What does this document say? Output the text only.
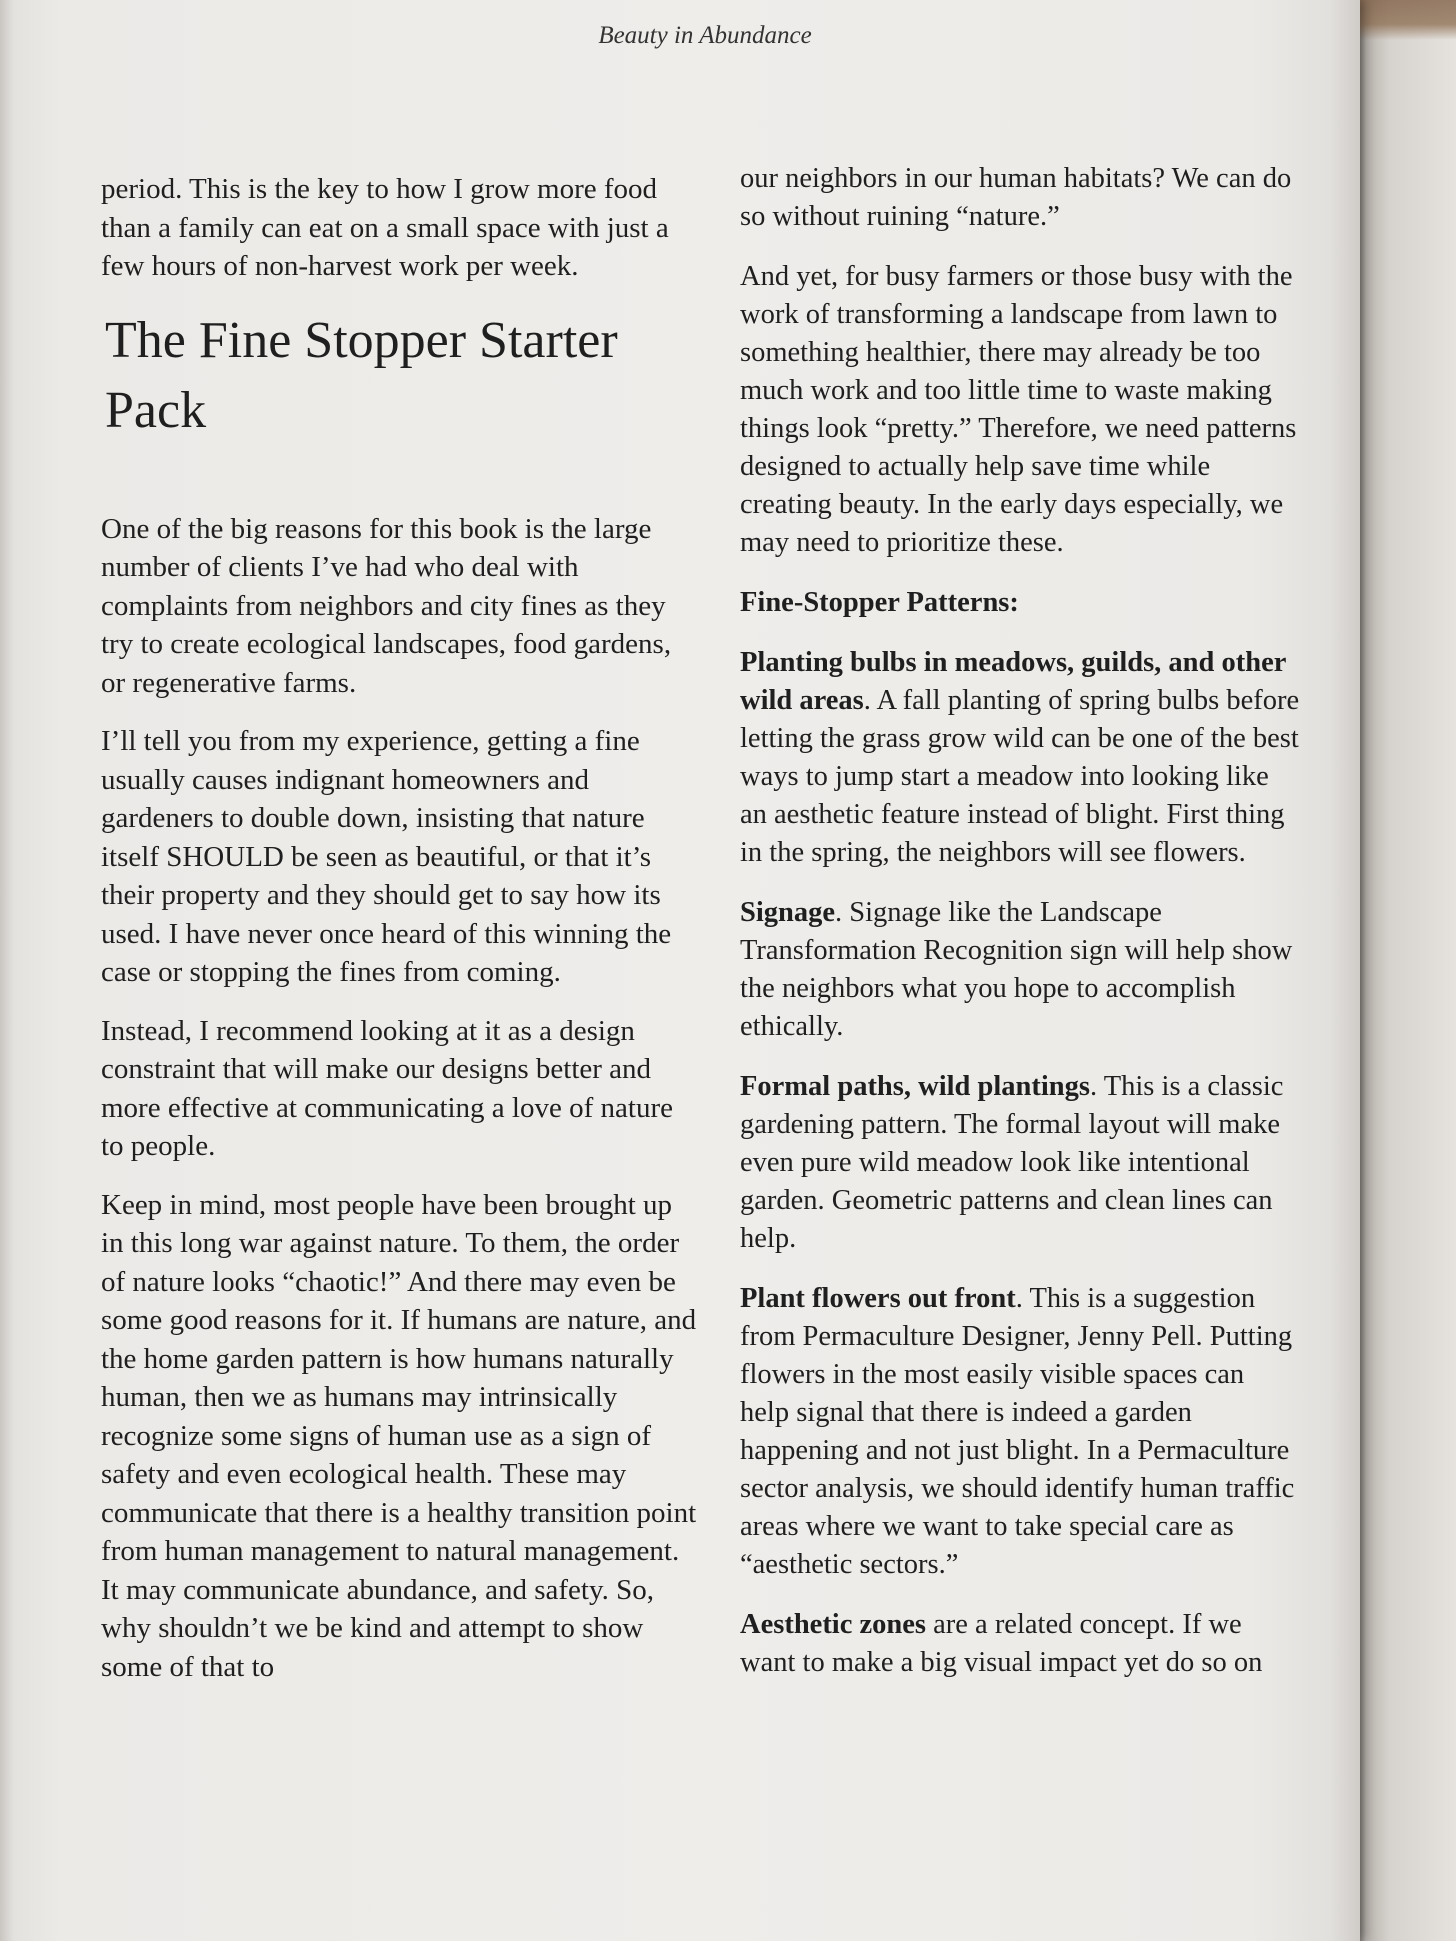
Beauty in Abundance

period. This is the key to how I grow more food than a family can eat on a small space with just a few hours of non-harvest work per week.

The Fine Stopper Starter Pack

One of the big reasons for this book is the large number of clients I’ve had who deal with complaints from neighbors and city fines as they try to create ecological landscapes, food gardens, or regenerative farms.

I’ll tell you from my experience, getting a fine usually causes indignant homeowners and gardeners to double down, insisting that nature itself SHOULD be seen as beautiful, or that it’s their property and they should get to say how its used. I have never once heard of this winning the case or stopping the fines from coming.

Instead, I recommend looking at it as a design constraint that will make our designs better and more effective at communicating a love of nature to people.

Keep in mind, most people have been brought up in this long war against nature. To them, the order of nature looks “chaotic!” And there may even be some good reasons for it. If humans are nature, and the home garden pattern is how humans naturally human, then we as humans may intrinsically recognize some signs of human use as a sign of safety and even ecological health. These may communicate that there is a healthy transition point from human management to natural management. It may communicate abundance, and safety. So, why shouldn’t we be kind and attempt to show some of that to

our neighbors in our human habitats? We can do so without ruining “nature.”

And yet, for busy farmers or those busy with the work of transforming a landscape from lawn to something healthier, there may already be too much work and too little time to waste making things look “pretty.” Therefore, we need patterns designed to actually help save time while creating beauty. In the early days especially, we may need to prioritize these.

Fine-Stopper Patterns:

Planting bulbs in meadows, guilds, and other wild areas. A fall planting of spring bulbs before letting the grass grow wild can be one of the best ways to jump start a meadow into looking like an aesthetic feature instead of blight. First thing in the spring, the neighbors will see flowers.

Signage. Signage like the Landscape Transformation Recognition sign will help show the neighbors what you hope to accomplish ethically.

Formal paths, wild plantings. This is a classic gardening pattern. The formal layout will make even pure wild meadow look like intentional garden. Geometric patterns and clean lines can help.

Plant flowers out front. This is a suggestion from Permaculture Designer, Jenny Pell. Putting flowers in the most easily visible spaces can help signal that there is indeed a garden happening and not just blight. In a Permaculture sector analysis, we should identify human traffic areas where we want to take special care as “aesthetic sectors.”

Aesthetic zones are a related concept. If we want to make a big visual impact yet do so on
